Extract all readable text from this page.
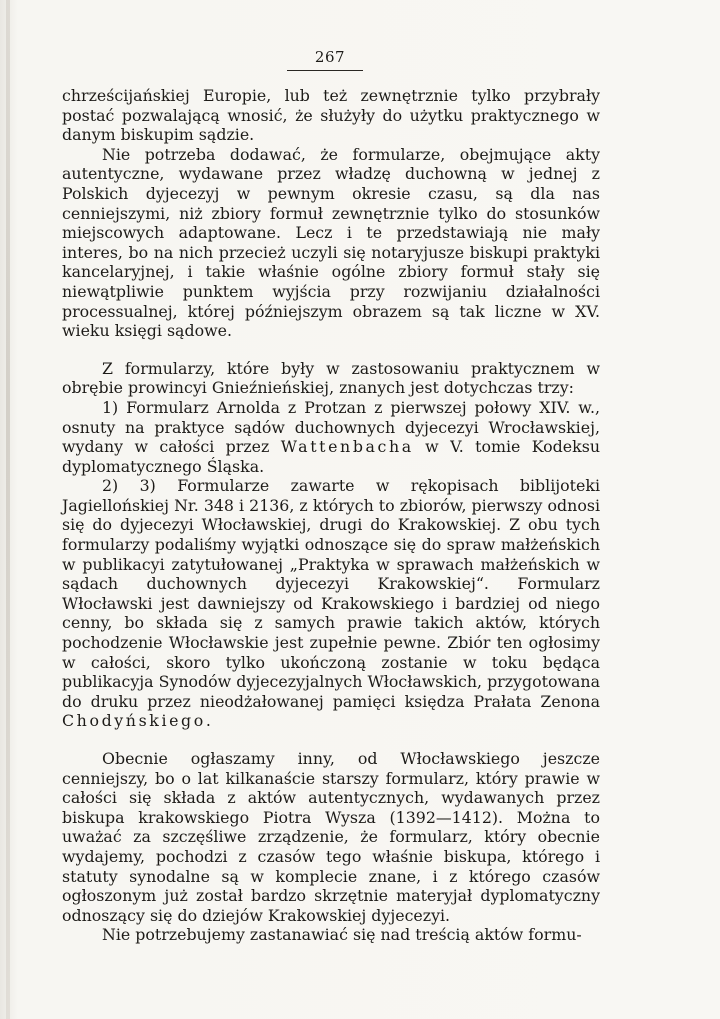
267

chrześcijańskiej Europie, lub też zewnętrznie tylko przybrały postać pozwalającą wnosić, że służyły do użytku praktycznego w danym biskupim sądzie.

Nie potrzeba dodawać, że formularze, obejmujące akty autentyczne, wydawane przez władzę duchowną w jednej z Polskich dyjecezyj w pewnym okresie czasu, są dla nas cenniejszymi, niż zbiory formuł zewnętrznie tylko do stosunków miejscowych adaptowane. Lecz i te przedstawiają nie mały interes, bo na nich przecież uczyli się notaryjusze biskupi praktyki kancelaryjnej, i takie właśnie ogólne zbiory formuł stały się niewątpliwie punktem wyjścia przy rozwijaniu działalności processualnej, której późniejszym obrazem są tak liczne w XV. wieku księgi sądowe.

Z formularzy, które były w zastosowaniu praktycznem w obrębie prowincyi Gnieźnieńskiej, znanych jest dotychczas trzy:

1) Formularz Arnolda z Protzan z pierwszej połowy XIV. w., osnuty na praktyce sądów duchownych dyjecezyi Wrocławskiej, wydany w całości przez Wattenbacha w V. tomie Kodeksu dyplomatycznego Śląska.

2) 3) Formularze zawarte w rękopisach biblijoteki Jagiellońskiej Nr. 348 i 2136, z których to zbiorów, pierwszy odnosi się do dyjecezyi Włocławskiej, drugi do Krakowskiej. Z obu tych formularzy podaliśmy wyjątki odnoszące się do spraw małżeńskich w publikacyi zatytułowanej „Praktyka w sprawach małżeńskich w sądach duchownych dyjecezyi Krakowskiej“. Formularz Włocławski jest dawniejszy od Krakowskiego i bardziej od niego cenny, bo składa się z samych prawie takich aktów, których pochodzenie Włocławskie jest zupełnie pewne. Zbiór ten ogłosimy w całości, skoro tylko ukończoną zostanie w toku będąca publikacyja Synodów dyjecezyjalnych Włocławskich, przygotowana do druku przez nieodżałowanej pamięci księdza Prałata Zenona Chodyńskiego.

Obecnie ogłaszamy inny, od Włocławskiego jeszcze cenniejszy, bo o lat kilkanaście starszy formularz, który prawie w całości się składa z aktów autentycznych, wydawanych przez biskupa krakowskiego Piotra Wysza (1392—1412). Można to uważać za szczęśliwe zrządzenie, że formularz, który obecnie wydajemy, pochodzi z czasów tego właśnie biskupa, którego i statuty synodalne są w komplecie znane, i z którego czasów ogłoszonym już został bardzo skrzętnie materyjał dyplomatyczny odnoszący się do dziejów Krakowskiej dyjecezyi.

Nie potrzebujemy zastanawiać się nad treścią aktów formu-
